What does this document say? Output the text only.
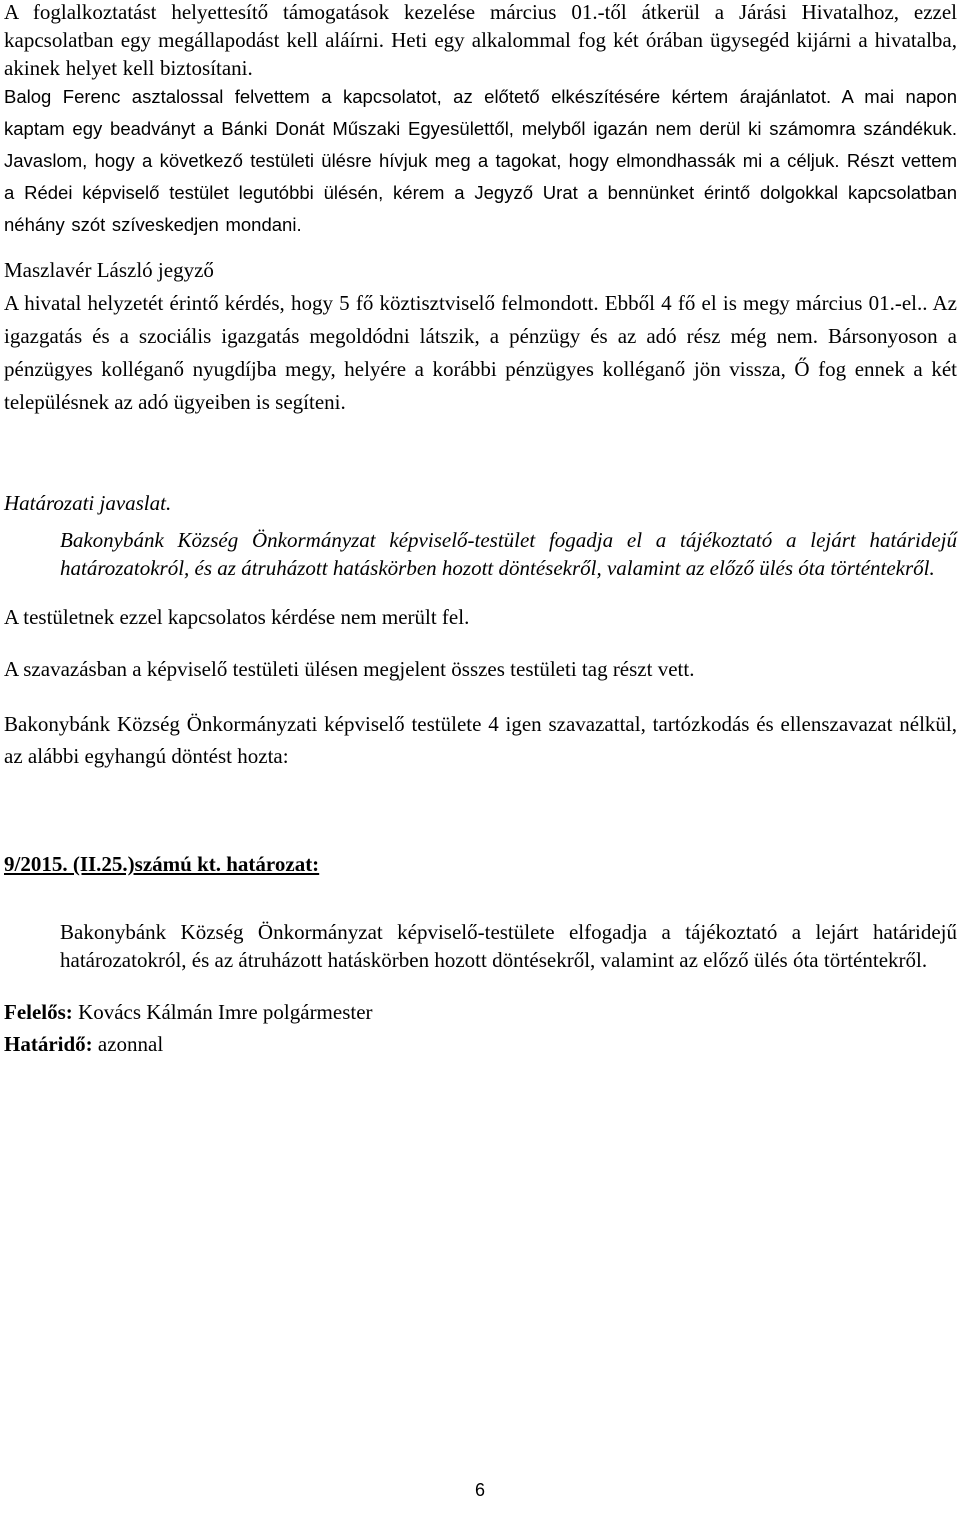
A foglalkoztatást helyettesítő támogatások kezelése március 01.-től átkerül a Járási Hivatalhoz, ezzel kapcsolatban egy megállapodást kell aláírni. Heti egy alkalommal fog két órában ügysegéd kijárni a hivatalba, akinek helyet kell biztosítani.

Balog Ferenc asztalossal felvettem a kapcsolatot, az előtető elkészítésére kértem árajánlatot. A mai napon kaptam egy beadványt a Bánki Donát Műszaki Egyesülettől, melyből igazán nem derül ki számomra szándékuk. Javaslom, hogy a következő testületi ülésre hívjuk meg a tagokat, hogy elmondhassák mi a céljuk. Részt vettem a Rédei képviselő testület legutóbbi ülésén, kérem a Jegyző Urat a bennünket érintő dolgokkal kapcsolatban néhány szót szíveskedjen mondani.

Maszlavér László jegyző

A hivatal helyzetét érintő kérdés, hogy 5 fő köztisztviselő felmondott. Ebből 4 fő el is megy március 01.-el.. Az igazgatás és a szociális igazgatás megoldódni látszik, a pénzügy és az adó rész még nem. Bársonyoson a pénzügyes kolléganő nyugdíjba megy, helyére a korábbi pénzügyes kolléganő jön vissza, Ő fog ennek a két településnek az adó ügyeiben is segíteni.

Határozati javaslat.

Bakonybánk Község Önkormányzat képviselő-testület fogadja el a tájékoztató a lejárt határidejű határozatokról, és az átruházott hatáskörben hozott döntésekről, valamint az előző ülés óta történtekről.

A testületnek ezzel kapcsolatos kérdése nem merült fel.

A szavazásban a képviselő testületi ülésen megjelent összes testületi tag részt vett.

Bakonybánk Község Önkormányzati képviselő testülete 4 igen szavazattal, tartózkodás és ellenszavazat nélkül, az alábbi egyhangú döntést hozta:

9/2015. (II.25.)számú kt. határozat:

Bakonybánk Község Önkormányzat képviselő-testülete elfogadja a tájékoztató a lejárt határidejű határozatokról, és az átruházott hatáskörben hozott döntésekről, valamint az előző ülés óta történtekről.

Felelős: Kovács Kálmán Imre polgármester

Határidő: azonnal

6
